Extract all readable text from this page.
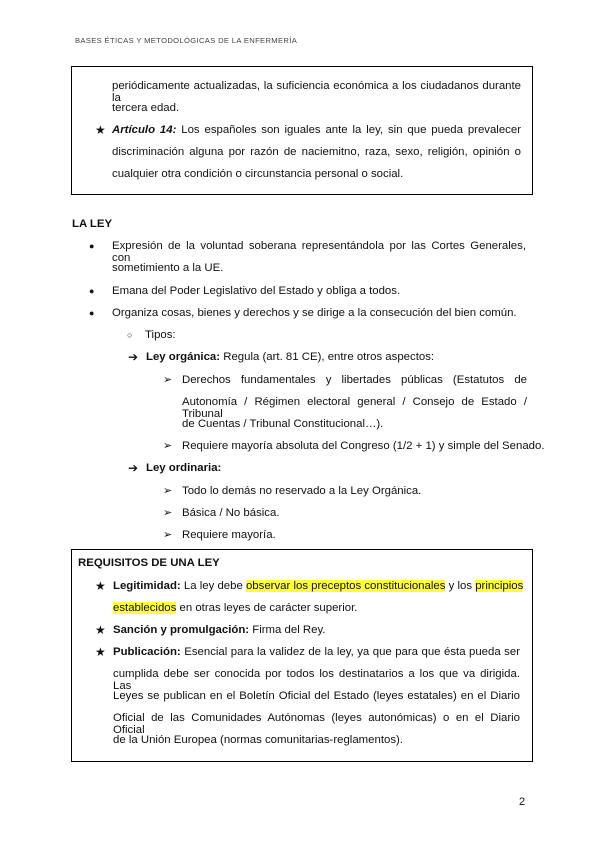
BASES ÉTICAS Y METODOLÓGICAS DE LA ENFERMERÍA
periódicamente actualizadas, la suficiencia económica a los ciudadanos durante la
tercera edad.
★ Artículo 14: Los españoles son iguales ante la ley, sin que pueda prevalecer
discriminación alguna por razón de naciemitno, raza, sexo, religión, opinión o
cualquier otra condición o circunstancia personal o social.
LA LEY
● Expresión de la voluntad soberana representándola por las Cortes Generales, con
sometimiento a la UE.
● Emana del Poder Legislativo del Estado y obliga a todos.
● Organiza cosas, bienes y derechos y se dirige a la consecución del bien común.
○ Tipos:
➔ Ley orgánica: Regula (art. 81 CE), entre otros aspectos:
➢ Derechos fundamentales y libertades públicas (Estatutos de
Autonomía / Régimen electoral general / Consejo de Estado / Tribunal
de Cuentas / Tribunal Constitucional…).
➢ Requiere mayoría absoluta del Congreso (1/2 + 1) y simple del Senado.
➔ Ley ordinaria:
➢ Todo lo demás no reservado a la Ley Orgánica.
➢ Básica / No básica.
➢ Requiere mayoría.
REQUISITOS DE UNA LEY
★ Legitimidad: La ley debe observar los preceptos constitucionales y los principios
establecidos en otras leyes de carácter superior.
★ Sanción y promulgación: Firma del Rey.
★ Publicación: Esencial para la validez de la ley, ya que para que ésta pueda ser
cumplida debe ser conocida por todos los destinatarios a los que va dirigida. Las
Leyes se publican en el Boletín Oficial del Estado (leyes estatales) en el Diario
Oficial de las Comunidades Autónomas (leyes autonómicas) o en el Diario Oficial
de la Unión Europea (normas comunitarias-reglamentos).
2
